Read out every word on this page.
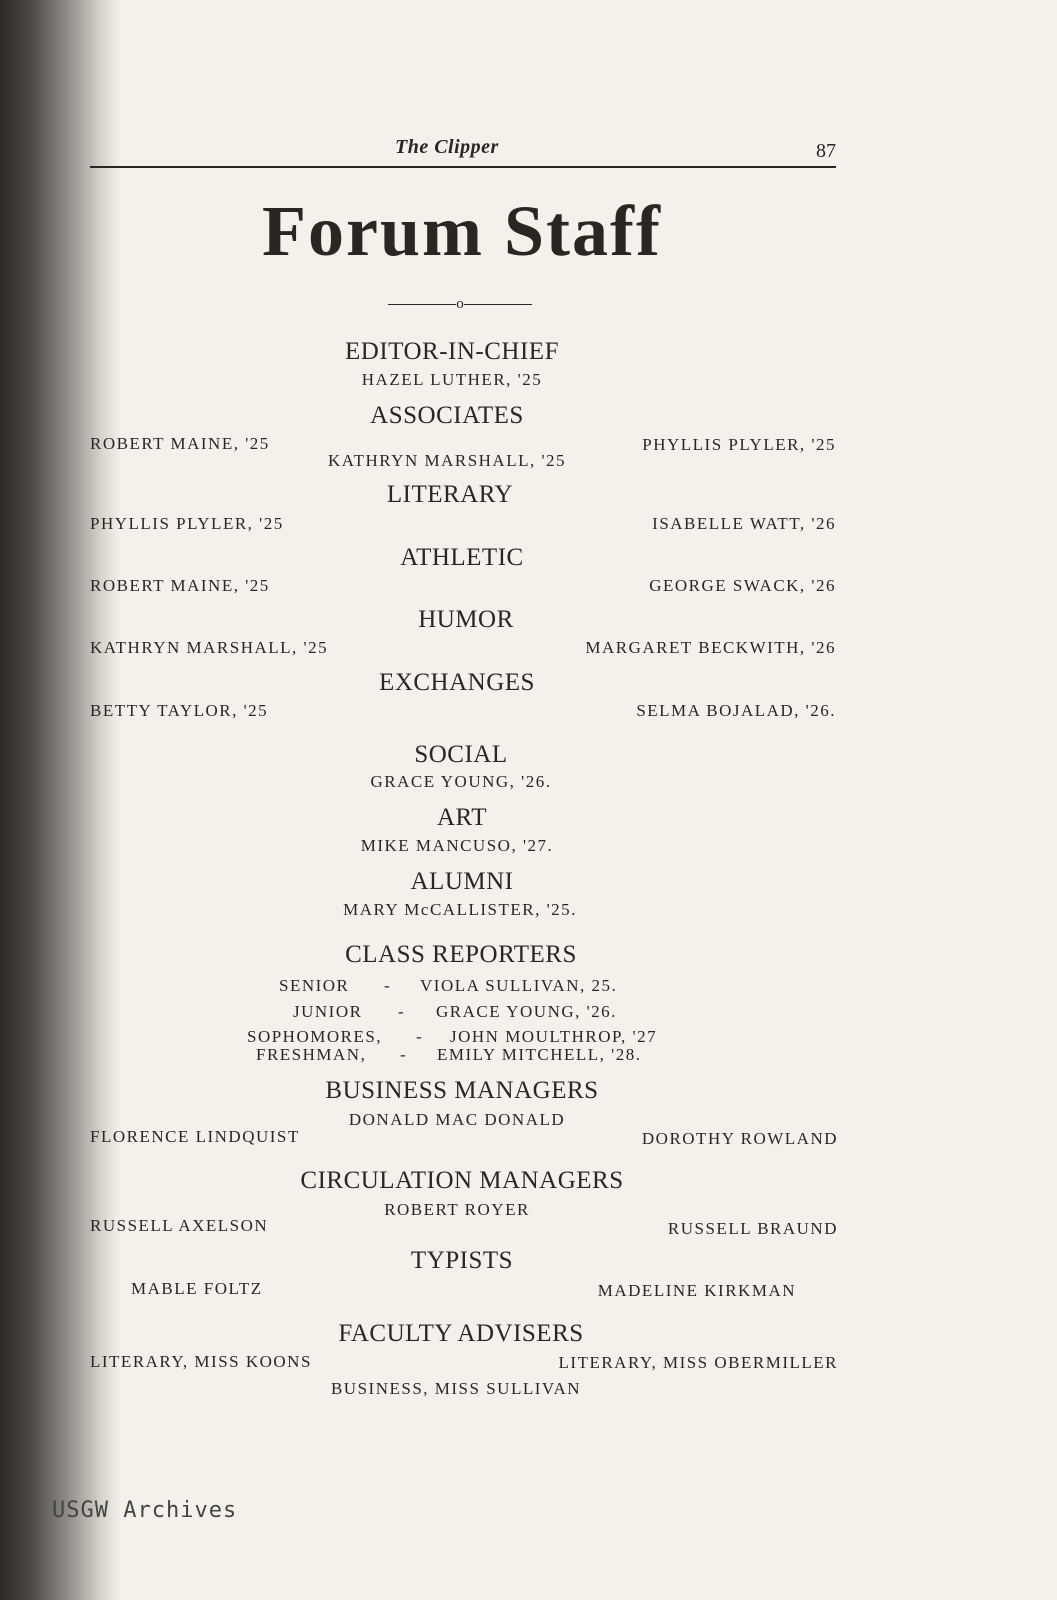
The Clipper	87
Forum Staff
o
EDITOR-IN-CHIEF
HAZEL LUTHER, '25
ASSOCIATES
ROBERT MAINE, '25	PHYLLIS PLYLER, '25
KATHRYN MARSHALL, '25
LITERARY
PHYLLIS PLYLER, '25	ISABELLE WATT, '26
ATHLETIC
ROBERT MAINE, '25	GEORGE SWACK, '26
HUMOR
KATHRYN MARSHALL, '25	MARGARET BECKWITH, '26
EXCHANGES
BETTY TAYLOR, '25	SELMA BOJALAD, '26.
SOCIAL
GRACE YOUNG, '26.
ART
MIKE MANCUSO, '27.
ALUMNI
MARY McCALLISTER, '25.
CLASS REPORTERS
SENIOR - VIOLA SULLIVAN, 25.
JUNIOR - GRACE YOUNG, '26.
SOPHOMORES, - JOHN MOULTHROP, '27
FRESHMAN, - EMILY MITCHELL, '28.
BUSINESS MANAGERS
DONALD MAC DONALD
FLORENCE LINDQUIST	DOROTHY ROWLAND
CIRCULATION MANAGERS
ROBERT ROYER
RUSSELL AXELSON	RUSSELL BRAUND
TYPISTS
MABLE FOLTZ	MADELINE KIRKMAN
FACULTY ADVISERS
LITERARY, MISS KOONS	LITERARY, MISS OBERMILLER
BUSINESS, MISS SULLIVAN
USGW Archives
